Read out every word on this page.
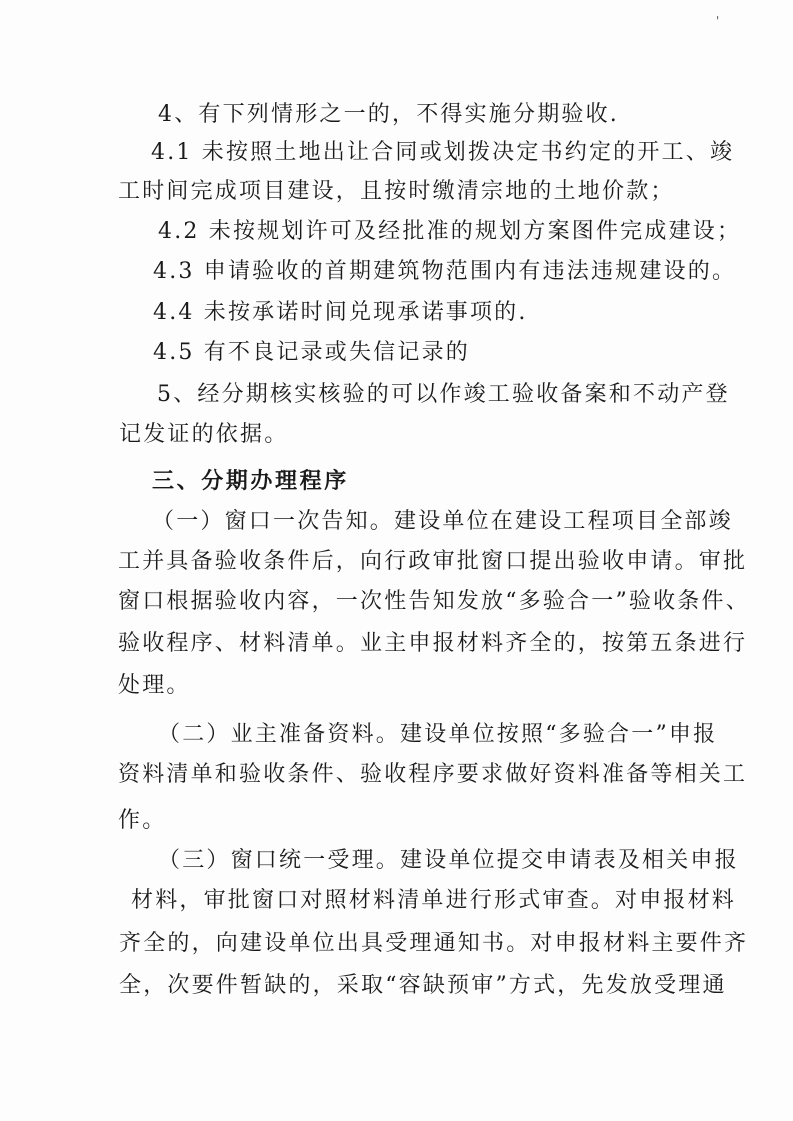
'
4、有下列情形之一的，不得实施分期验收.
4.1 未按照土地出让合同或划拨决定书约定的开工、竣
工时间完成项目建设，且按时缴清宗地的土地价款；
4.2 未按规划许可及经批准的规划方案图件完成建设；
4.3 申请验收的首期建筑物范围内有违法违规建设的。
4.4 未按承诺时间兑现承诺事项的.
4.5 有不良记录或失信记录的
5、经分期核实核验的可以作竣工验收备案和不动产登
记发证的依据。
三、分期办理程序
（一）窗口一次告知。建设单位在建设工程项目全部竣
工并具备验收条件后，向行政审批窗口提出验收申请。审批
窗口根据验收内容，一次性告知发放“多验合一”验收条件、
验收程序、材料清单。业主申报材料齐全的，按第五条进行
处理。
（二）业主准备资料。建设单位按照“多验合一”申报
资料清单和验收条件、验收程序要求做好资料准备等相关工
作。
（三）窗口统一受理。建设单位提交申请表及相关申报
材料，审批窗口对照材料清单进行形式审查。对申报材料
齐全的，向建设单位出具受理通知书。对申报材料主要件齐
全，次要件暂缺的，采取“容缺预审”方式，先发放受理通
